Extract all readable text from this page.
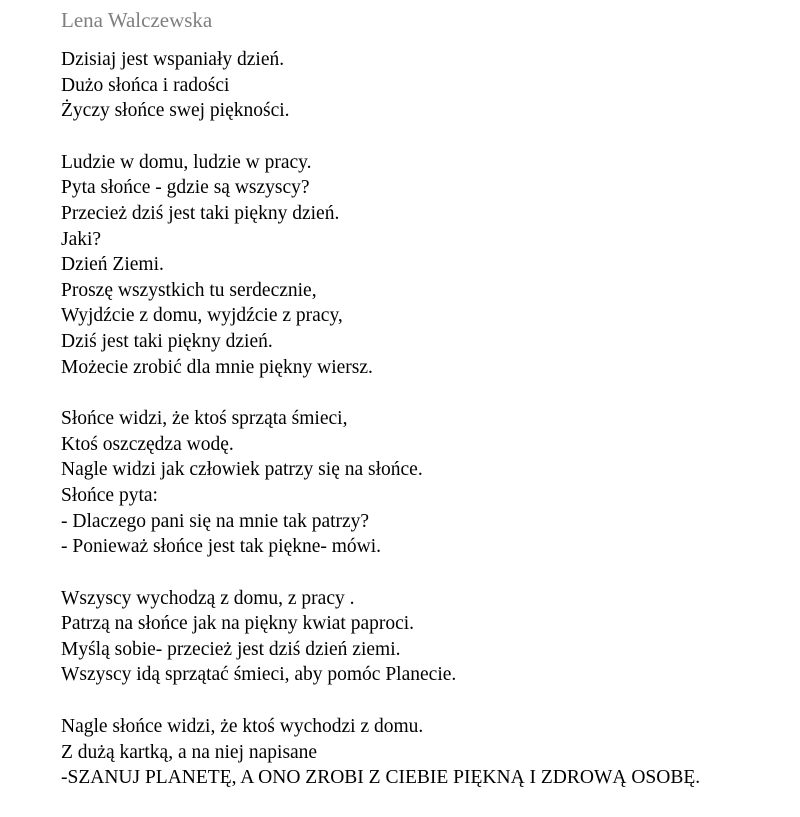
Lena Walczewska
Dzisiaj jest wspaniały dzień.
Dużo słońca i radości
Życzy słońce swej piękności.
Ludzie w domu, ludzie w pracy.
Pyta słońce - gdzie są wszyscy?
Przecież dziś jest taki piękny dzień.
Jaki?
Dzień Ziemi.
Proszę wszystkich tu serdecznie,
Wyjdźcie z domu, wyjdźcie z pracy,
Dziś jest taki piękny dzień.
Możecie zrobić dla mnie piękny wiersz.
Słońce widzi, że ktoś sprząta śmieci,
Ktoś oszczędza wodę.
Nagle widzi jak człowiek patrzy się na słońce.
Słońce pyta:
- Dlaczego pani się na mnie tak patrzy?
- Ponieważ słońce jest tak piękne- mówi.
Wszyscy wychodzą z domu, z pracy .
Patrzą na słońce jak na piękny kwiat paproci.
Myślą sobie- przecież jest dziś dzień ziemi.
Wszyscy idą sprzątać śmieci, aby pomóc Planecie.
Nagle słońce widzi, że ktoś wychodzi z domu.
Z dużą kartką, a na niej napisane
-SZANUJ PLANETĘ, A ONO ZROBI Z CIEBIE PIĘKNĄ I ZDROWĄ OSOBĘ.
